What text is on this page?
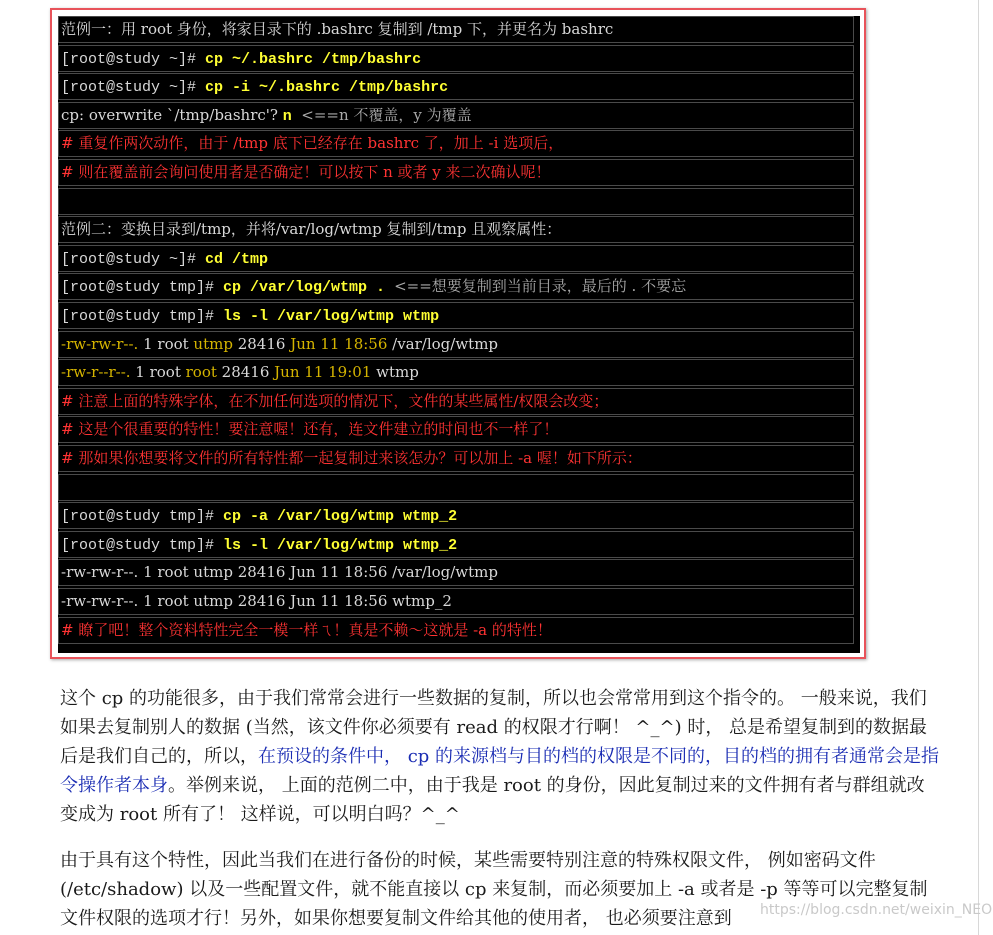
范例一：用 root 身份，将家目录下的 .bashrc 复制到 /tmp 下，并更名为 bashrc
[root@study ~]# cp ~/.bashrc /tmp/bashrc
[root@study ~]# cp -i ~/.bashrc /tmp/bashrc
cp: overwrite `/tmp/bashrc'? n  <==n 不覆盖，y 为覆盖
# 重复作两次动作，由于 /tmp 底下已经存在 bashrc 了，加上 -i 选项后，
# 则在覆盖前会询问使用者是否确定！可以按下 n 或者 y 来二次确认呢！
范例二：变换目录到/tmp，并将/var/log/wtmp 复制到/tmp 且观察属性：
[root@study ~]# cd /tmp
[root@study tmp]# cp /var/log/wtmp . <==想要复制到当前目录，最后的 . 不要忘
[root@study tmp]# ls -l /var/log/wtmp wtmp
-rw-rw-r--. 1 root utmp 28416 Jun 11 18:56 /var/log/wtmp
-rw-r--r--. 1 root root 28416 Jun 11 19:01 wtmp
# 注意上面的特殊字体，在不加任何选项的情况下，文件的某些属性/权限会改变；
# 这是个很重要的特性！要注意喔！还有，连文件建立的时间也不一样了！
# 那如果你想要将文件的所有特性都一起复制过来该怎办？可以加上 -a 喔！如下所示：
[root@study tmp]# cp -a /var/log/wtmp wtmp_2
[root@study tmp]# ls -l /var/log/wtmp wtmp_2
-rw-rw-r--. 1 root utmp 28416 Jun 11 18:56 /var/log/wtmp
-rw-rw-r--. 1 root utmp 28416 Jun 11 18:56 wtmp_2
# 瞭了吧！整个资料特性完全一模一样ㄟ！真是不赖～这就是 -a 的特性！

这个 cp 的功能很多，由于我们常常会进行一些数据的复制，所以也会常常用到这个指令的。 一般来说，我们如果去复制别人的数据 (当然，该文件你必须要有 read 的权限才行啊！ ^_^) 时， 总是希望复制到的数据最后是我们自己的，所以，在预设的条件中， cp 的来源档与目的档的权限是不同的，目的档的拥有者通常会是指令操作者本身。举例来说， 上面的范例二中，由于我是 root 的身份，因此复制过来的文件拥有者与群组就改变成为 root 所有了！ 这样说，可以明白吗？^_^

由于具有这个特性，因此当我们在进行备份的时候，某些需要特别注意的特殊权限文件， 例如密码文件 (/etc/shadow) 以及一些配置文件，就不能直接以 cp 来复制，而必须要加上 -a 或者是 -p 等等可以完整复制文件权限的选项才行！另外，如果你想要复制文件给其他的使用者， 也必须要注意到	https://blog.csdn.net/weixin_NEO
